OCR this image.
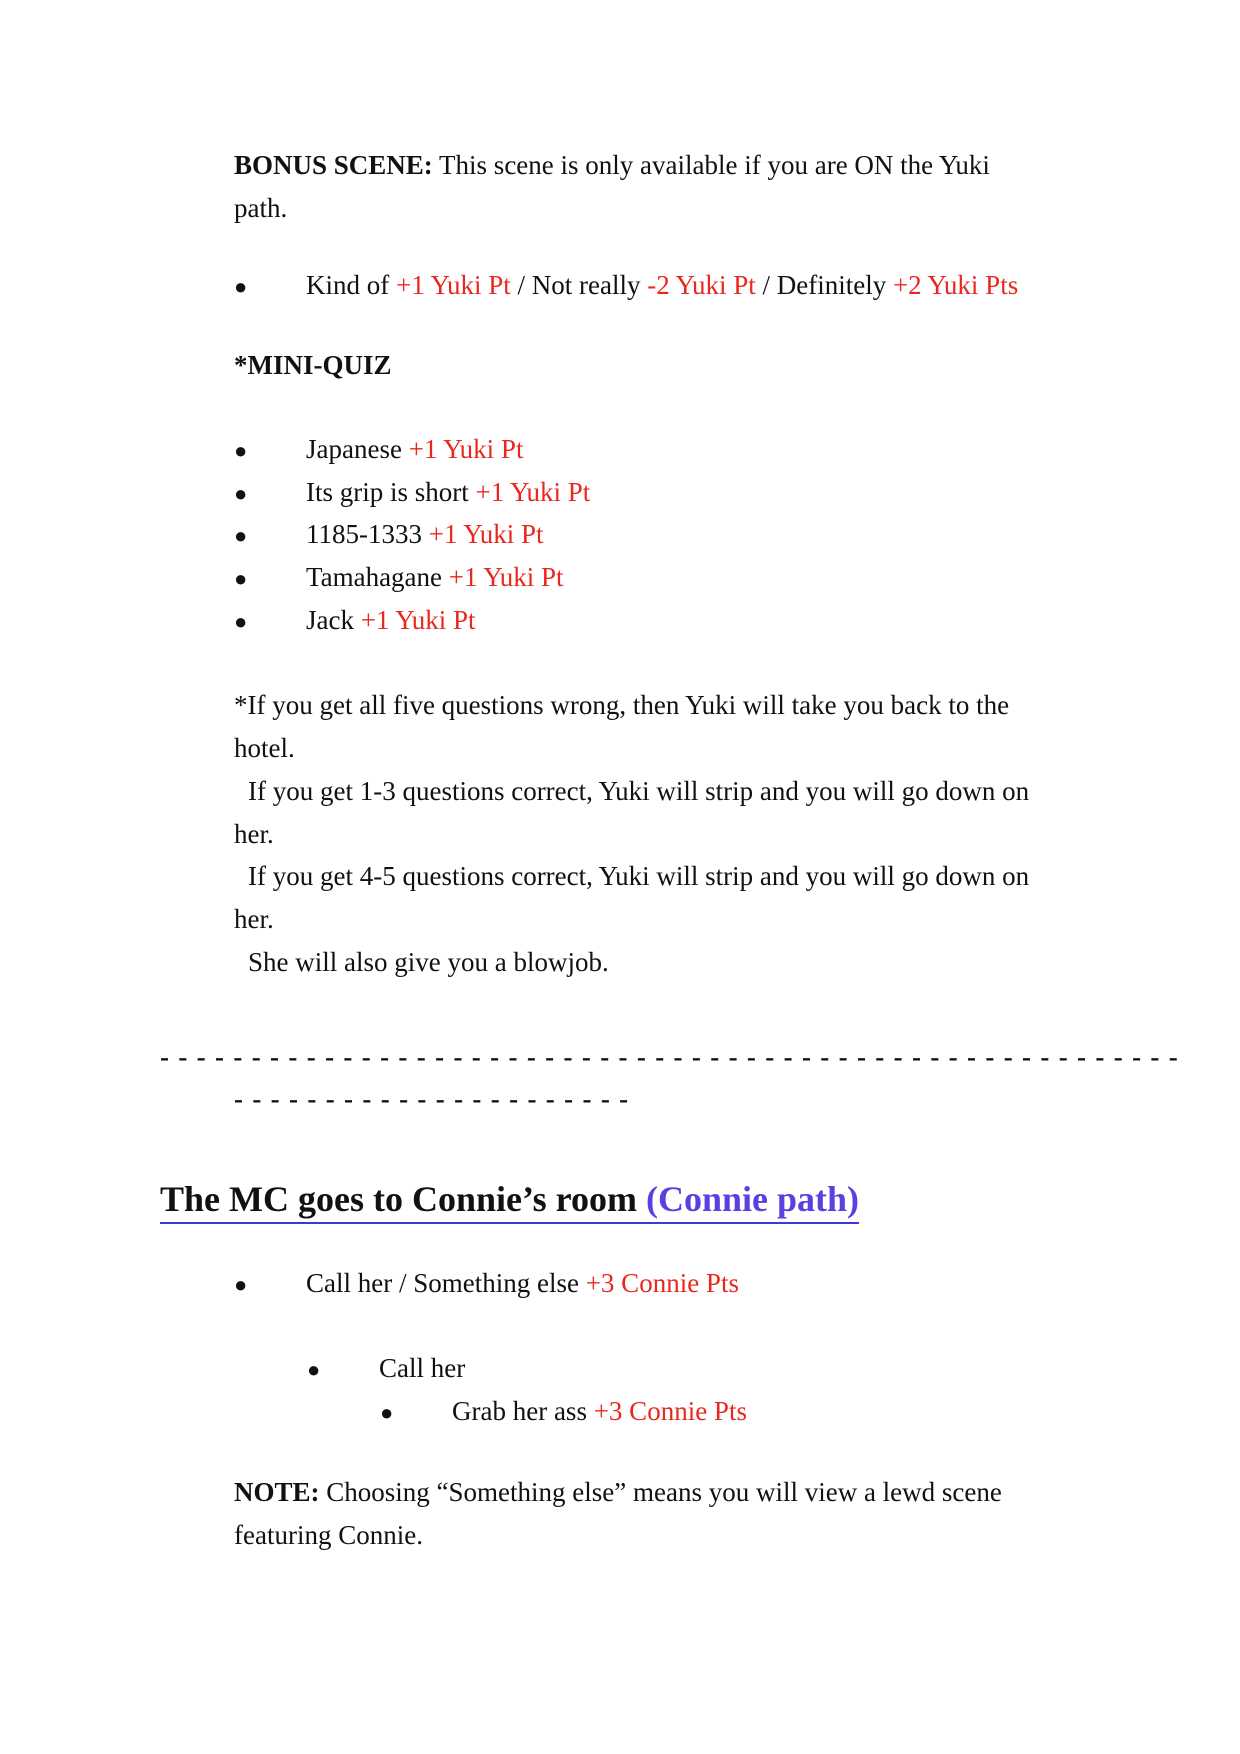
BONUS SCENE: This scene is only available if you are ON the Yuki
path.
● Kind of +1 Yuki Pt / Not really -2 Yuki Pt / Definitely +2 Yuki Pts
*MINI-QUIZ
● Japanese +1 Yuki Pt
● Its grip is short +1 Yuki Pt
● 1185-1333 +1 Yuki Pt
● Tamahagane +1 Yuki Pt
● Jack +1 Yuki Pt
*If you get all five questions wrong, then Yuki will take you back to the
hotel.
If you get 1-3 questions correct, Yuki will strip and you will go down on
her.
If you get 4-5 questions correct, Yuki will strip and you will go down on
her.
She will also give you a blowjob.
- - - - - - - - - - - - - - - - - - - - - - - - - - - - - - - - - - - - - - - - - - - - - - - - - - - - - - - -
- - - - - - - - - - - - - - - - - - - - - -
The MC goes to Connie’s room (Connie path)
● Call her / Something else +3 Connie Pts
● Call her
● Grab her ass +3 Connie Pts
NOTE: Choosing “Something else” means you will view a lewd scene
featuring Connie.
